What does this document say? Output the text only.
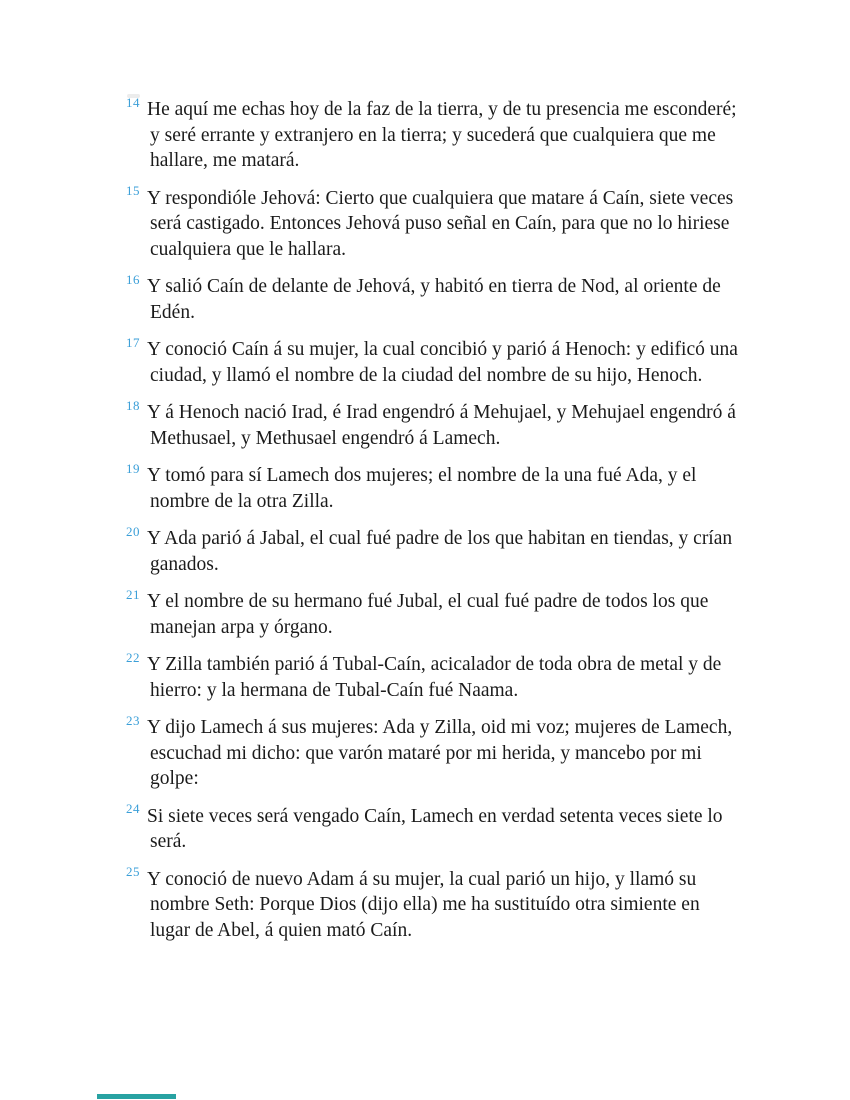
$^{14}$ He aquí me echas hoy de la faz de la tierra, y de tu presencia me esconderé; y seré errante y extranjero en la tierra; y sucederá que cualquiera que me hallare, me matará.

$^{15}$ Y respondióle Jehová: Cierto que cualquiera que matare á Caín, siete veces será castigado. Entonces Jehová puso señal en Caín, para que no lo hiriese cualquiera que le hallara.

$^{16}$ Y salió Caín de delante de Jehová, y habitó en tierra de Nod, al oriente de Edén.

$^{17}$ Y conoció Caín á su mujer, la cual concibió y parió á Henoch: y edificó una ciudad, y llamó el nombre de la ciudad del nombre de su hijo, Henoch.

$^{18}$ Y á Henoch nació Irad, é Irad engendró á Mehujael, y Mehujael engendró á Methusael, y Methusael engendró á Lamech.

$^{19}$ Y tomó para sí Lamech dos mujeres; el nombre de la una fué Ada, y el nombre de la otra Zilla.

$^{20}$ Y Ada parió á Jabal, el cual fué padre de los que habitan en tiendas, y crían ganados.

$^{21}$ Y el nombre de su hermano fué Jubal, el cual fué padre de todos los que manejan arpa y órgano.

$^{22}$ Y Zilla también parió á Tubal-Caín, acicalador de toda obra de metal y de hierro: y la hermana de Tubal-Caín fué Naama.

$^{23}$ Y dijo Lamech á sus mujeres: Ada y Zilla, oid mi voz; mujeres de Lamech, escuchad mi dicho: que varón mataré por mi herida, y mancebo por mi golpe:

$^{24}$ Si siete veces será vengado Caín, Lamech en verdad setenta veces siete lo será.

$^{25}$ Y conoció de nuevo Adam á su mujer, la cual parió un hijo, y llamó su nombre Seth: Porque Dios (dijo ella) me ha sustituído otra simiente en lugar de Abel, á quien mató Caín.
